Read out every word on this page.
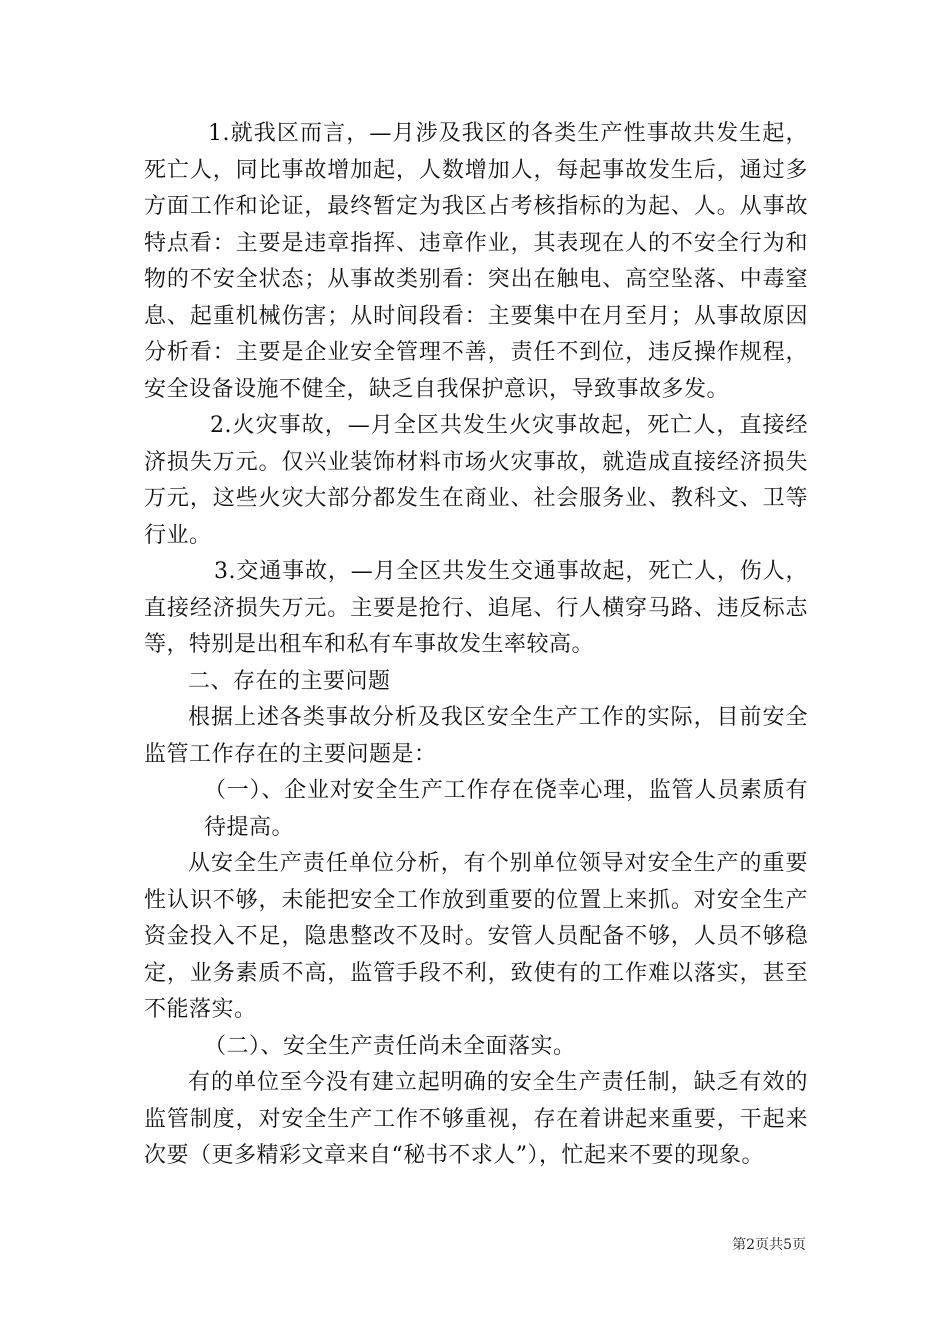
1.就我区而言，—月涉及我区的各类生产性事故共发生起，死亡人，同比事故增加起，人数增加人，每起事故发生后，通过多方面工作和论证，最终暂定为我区占考核指标的为起、人。从事故特点看：主要是违章指挥、违章作业，其表现在人的不安全行为和物的不安全状态；从事故类别看：突出在触电、高空坠落、中毒窒息、起重机械伤害；从时间段看：主要集中在月至月；从事故原因分析看：主要是企业安全管理不善，责任不到位，违反操作规程，安全设备设施不健全，缺乏自我保护意识，导致事故多发。

2.火灾事故，—月全区共发生火灾事故起，死亡人，直接经济损失万元。仅兴业装饰材料市场火灾事故，就造成直接经济损失万元，这些火灾大部分都发生在商业、社会服务业、教科文、卫等行业。

3.交通事故，—月全区共发生交通事故起，死亡人，伤人，直接经济损失万元。主要是抢行、追尾、行人横穿马路、违反标志等，特别是出租车和私有车事故发生率较高。

二、存在的主要问题

根据上述各类事故分析及我区安全生产工作的实际，目前安全监管工作存在的主要问题是：

（一）、企业对安全生产工作存在侥幸心理，监管人员素质有待提高。

从安全生产责任单位分析，有个别单位领导对安全生产的重要性认识不够，未能把安全工作放到重要的位置上来抓。对安全生产资金投入不足，隐患整改不及时。安管人员配备不够，人员不够稳定，业务素质不高，监管手段不利，致使有的工作难以落实，甚至不能落实。

（二）、安全生产责任尚未全面落实。

有的单位至今没有建立起明确的安全生产责任制，缺乏有效的监管制度，对安全生产工作不够重视，存在着讲起来重要，干起来次要（更多精彩文章来自“秘书不求人”），忙起来不要的现象。

第2页共5页
